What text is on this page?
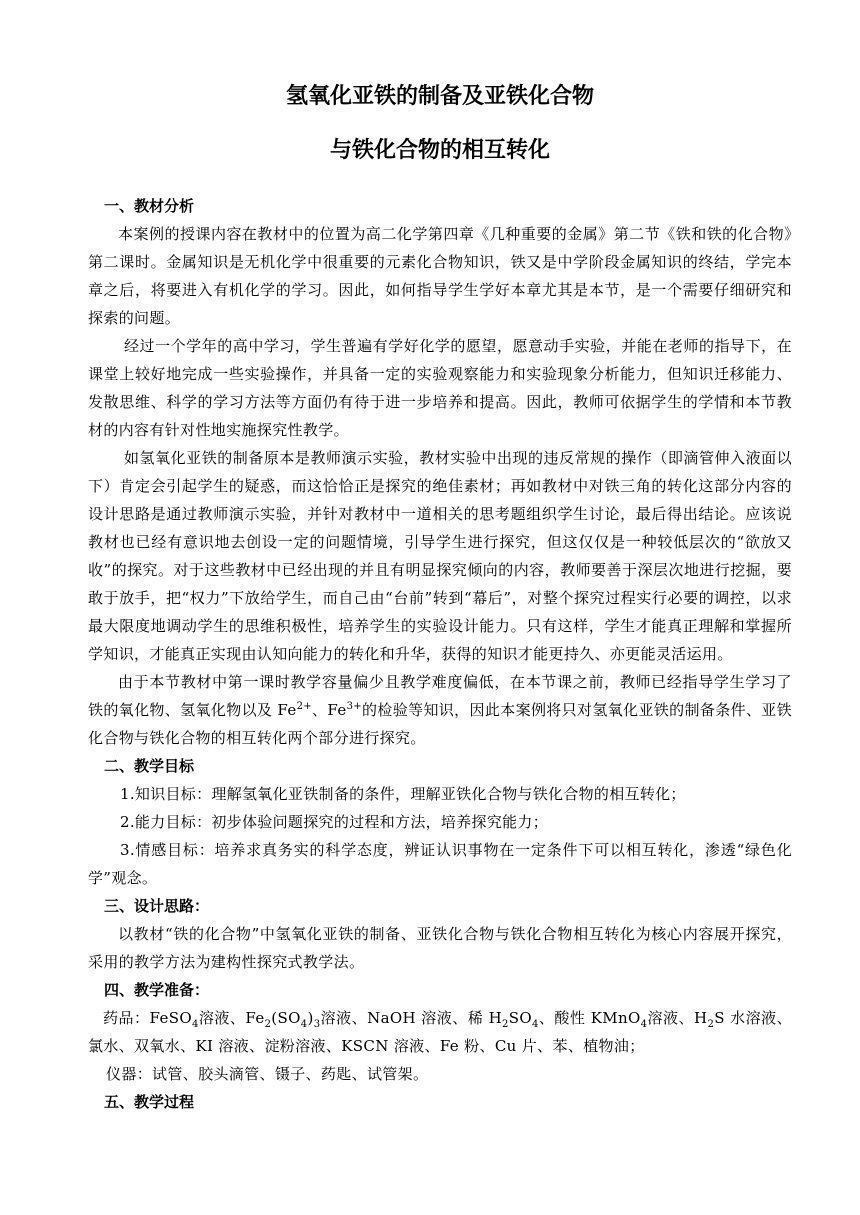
氢氧化亚铁的制备及亚铁化合物
与铁化合物的相互转化

一、教材分析

本案例的授课内容在教材中的位置为高二化学第四章《几种重要的金属》第二节《铁和铁的化合物》第二课时。金属知识是无机化学中很重要的元素化合物知识，铁又是中学阶段金属知识的终结，学完本章之后，将要进入有机化学的学习。因此，如何指导学生学好本章尤其是本节，是一个需要仔细研究和探索的问题。

经过一个学年的高中学习，学生普遍有学好化学的愿望，愿意动手实验，并能在老师的指导下，在课堂上较好地完成一些实验操作，并具备一定的实验观察能力和实验现象分析能力，但知识迁移能力、发散思维、科学的学习方法等方面仍有待于进一步培养和提高。因此，教师可依据学生的学情和本节教材的内容有针对性地实施探究性教学。

如氢氧化亚铁的制备原本是教师演示实验，教材实验中出现的违反常规的操作（即滴管伸入液面以下）肯定会引起学生的疑惑，而这恰恰正是探究的绝佳素材；再如教材中对铁三角的转化这部分内容的设计思路是通过教师演示实验，并针对教材中一道相关的思考题组织学生讨论，最后得出结论。应该说教材也已经有意识地去创设一定的问题情境，引导学生进行探究，但这仅仅是一种较低层次的“欲放又收”的探究。对于这些教材中已经出现的并且有明显探究倾向的内容，教师要善于深层次地进行挖掘，要敢于放手，把“权力”下放给学生，而自己由“台前”转到“幕后”，对整个探究过程实行必要的调控，以求最大限度地调动学生的思维积极性，培养学生的实验设计能力。只有这样，学生才能真正理解和掌握所学知识，才能真正实现由认知向能力的转化和升华，获得的知识才能更持久、亦更能灵活运用。

由于本节教材中第一课时教学容量偏少且教学难度偏低，在本节课之前，教师已经指导学生学习了铁的氧化物、氢氧化物以及 $Fe^{2+}$、$Fe^{3+}$的检验等知识，因此本案例将只对氢氧化亚铁的制备条件、亚铁化合物与铁化合物的相互转化两个部分进行探究。

二、教学目标

1.知识目标：理解氢氧化亚铁制备的条件，理解亚铁化合物与铁化合物的相互转化；

2.能力目标：初步体验问题探究的过程和方法，培养探究能力；

3.情感目标：培养求真务实的科学态度，辨证认识事物在一定条件下可以相互转化，渗透“绿色化学”观念。

三、设计思路：

以教材“铁的化合物”中氢氧化亚铁的制备、亚铁化合物与铁化合物相互转化为核心内容展开探究，采用的教学方法为建构性探究式教学法。

四、教学准备：

药品：FeSO$_4$溶液、$Fe_2(SO_4)_3$溶液、NaOH 溶液、稀 $H_2SO_4$、酸性 KMnO$_4$溶液、$H_2S$ 水溶液、氯水、双氧水、KI 溶液、淀粉溶液、KSCN 溶液、Fe 粉、Cu 片、苯、植物油；

仪器：试管、胶头滴管、镊子、药匙、试管架。

五、教学过程
